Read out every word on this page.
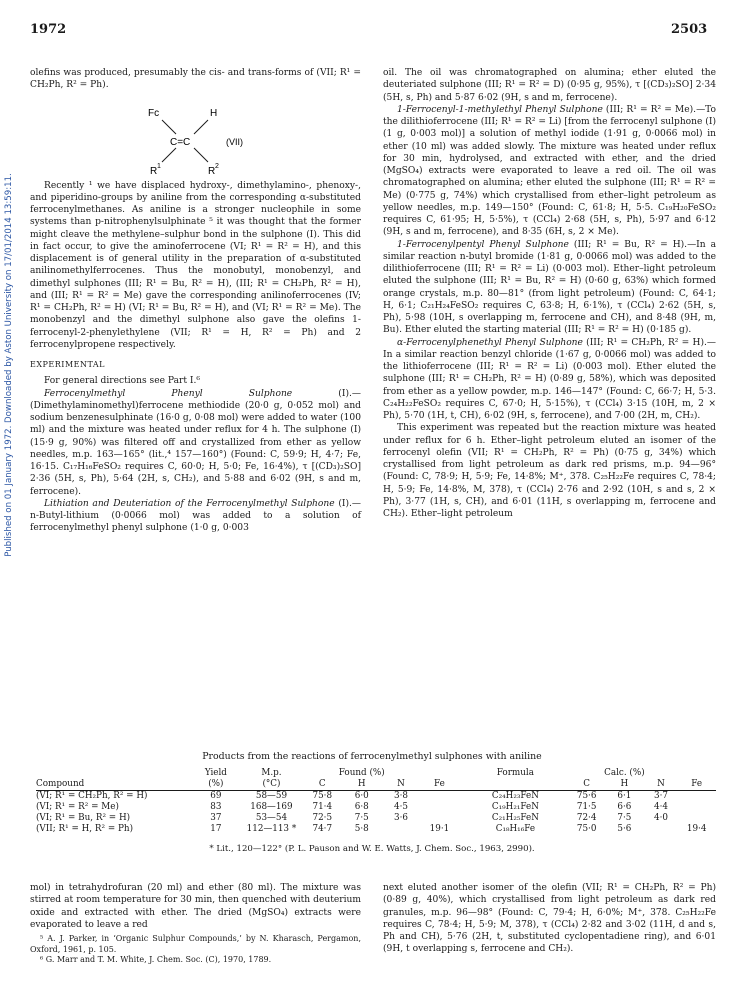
Published on 01 January 1972. Downloaded by Aston University on 17/01/2014 13:59:11.
1972	2503

olefins was produced, presumably the cis- and trans-forms of (VII; R¹ = CH₂Ph, R² = Ph).

Fc	H
C=C	(VII)
R 1	R 2

Recently ¹ we have displaced hydroxy-, dimethylamino-, phenoxy-, and piperidino-groups by aniline from the corresponding α-substituted ferrocenylmethanes. As aniline is a stronger nucleophile in some systems than p-nitrophenylsulphinate ⁵ it was thought that the former might cleave the methylene–sulphur bond in the sulphone (I). This did in fact occur, to give the aminoferrocene (VI; R¹ = R² = H), and this displacement is of general utility in the preparation of α-substituted anilinomethylferrocenes. Thus the monobutyl, monobenzyl, and dimethyl sulphones (III; R¹ = Bu, R² = H), (III; R¹ = CH₂Ph, R² = H), and (III; R¹ = R² = Me) gave the corresponding anilinoferrocenes (IV; R¹ = CH₂Ph, R² = H) (VI; R¹ = Bu, R² = H), and (VI; R¹ = R² = Me). The monobenzyl and the dimethyl sulphone also gave the olefins 1-ferrocenyl-2-phenylethylene (VII; R¹ = H, R² = Ph) and 2 ferrocenylpropene respectively.

EXPERIMENTAL

For general directions see Part I.⁶

Ferrocenylmethyl Phenyl Sulphone (I).—(Dimethylaminomethyl)ferrocene methiodide (20·0 g, 0·052 mol) and sodium benzenesulphinate (16·0 g, 0·08 mol) were added to water (100 ml) and the mixture was heated under reflux for 4 h. The sulphone (I) (15·9 g, 90%) was filtered off and crystallized from ether as yellow needles, m.p. 163—165° (lit.,⁴ 157—160°) (Found: C, 59·9; H, 4·7; Fe, 16·15. C₁₇H₁₆FeSO₂ requires C, 60·0; H, 5·0; Fe, 16·4%), τ [(CD₃)₂SO] 2·36 (5H, s, Ph), 5·64 (2H, s, CH₂), and 5·88 and 6·02 (9H, s and m, ferrocene).

Lithiation and Deuteriation of the Ferrocenylmethyl Sulphone (I).—n-Butyl-lithium (0·0066 mol) was added to a solution of ferrocenylmethyl phenyl sulphone (1·0 g, 0·003

oil. The oil was chromatographed on alumina; ether eluted the deuteriated sulphone (III; R¹ = R² = D) (0·95 g, 95%), τ [(CD₃)₂SO] 2·34 (5H, s, Ph) and 5·87 6·02 (9H, s and m, ferrocene).

1-Ferrocenyl-1-methylethyl Phenyl Sulphone (III; R¹ = R² = Me).—To the dilithioferrocene (III; R¹ = R² = Li) [from the ferrocenyl sulphone (I) (1 g, 0·003 mol)] a solution of methyl iodide (1·91 g, 0·0066 mol) in ether (10 ml) was added slowly. The mixture was heated under reflux for 30 min, hydrolysed, and extracted with ether, and the dried (MgSO₄) extracts were evaporated to leave a red oil. The oil was chromatographed on alumina; ether eluted the sulphone (III; R¹ = R² = Me) (0·775 g, 74%) which crystallised from ether–light petroleum as yellow needles, m.p. 149—150° (Found: C, 61·8; H, 5·5. C₁₉H₂₀FeSO₂ requires C, 61·95; H, 5·5%), τ (CCl₄) 2·68 (5H, s, Ph), 5·97 and 6·12 (9H, s and m, ferrocene), and 8·35 (6H, s, 2 × Me).

1-Ferrocenylpentyl Phenyl Sulphone (III; R¹ = Bu, R² = H).—In a similar reaction n-butyl bromide (1·81 g, 0·0066 mol) was added to the dilithioferrocene (III; R¹ = R² = Li) (0·003 mol). Ether–light petroleum eluted the sulphone (III; R¹ = Bu, R² = H) (0·60 g, 63%) which formed orange crystals, m.p. 80—81° (from light petroleum) (Found: C, 64·1; H, 6·1; C₂₁H₂₄FeSO₂ requires C, 63·8; H, 6·1%), τ (CCl₄) 2·62 (5H, s, Ph), 5·98 (10H, s overlapping m, ferrocene and CH), and 8·48 (9H, m, Bu). Ether eluted the starting material (III; R¹ = R² = H) (0·185 g).

α-Ferrocenylphenethyl Phenyl Sulphone (III; R¹ = CH₂Ph, R² = H).—In a similar reaction benzyl chloride (1·67 g, 0·0066 mol) was added to the lithioferrocene (III; R¹ = R² = Li) (0·003 mol). Ether eluted the sulphone (III; R¹ = CH₂Ph, R² = H) (0·89 g, 58%), which was deposited from ether as a yellow powder, m.p. 146—147° (Found: C, 66·7; H, 5·3. C₂₄H₂₂FeSO₂ requires C, 67·0; H, 5·15%), τ (CCl₄) 3·15 (10H, m, 2 × Ph), 5·70 (1H, t, CH), 6·02 (9H, s, ferrocene), and 7·00 (2H, m, CH₂).

This experiment was repeated but the reaction mixture was heated under reflux for 6 h. Ether–light petroleum eluted an isomer of the ferrocenyl olefin (VII; R¹ = CH₂Ph, R² = Ph) (0·75 g, 34%) which crystallised from light petroleum as dark red prisms, m.p. 94—96° (Found: C, 78·9; H, 5·9; Fe, 14·8%; M⁺, 378. C₂₅H₂₂Fe requires C, 78·4; H, 5·9; Fe, 14·8%, M, 378), τ (CCl₄) 2·76 and 2·92 (10H, s and s, 2 × Ph), 3·77 (1H, s, CH), and 6·01 (11H, s overlapping m, ferrocene and CH₂). Ether–light petroleum

Products from the reactions of ferrocenylmethyl sulphones with aniline
	Yield	M.p.		Found (%)			Formula		Calc. (%)		
Compound	(%)	(°C)	C	H	N	Fe		C	H	N	Fe
(VI; R¹ = CH₂Ph, R² = H)	69	58—59	75·8	6·0	3·8		C₂₄H₂₃FeN	75·6	6·1	3·7	
(VI; R¹ = R² = Me)	83	168—169	71·4	6·8	4·5		C₁₉H₂₁FeN	71·5	6·6	4·4	
(VI; R¹ = Bu, R² = H)	37	53—54	72·5	7·5	3·6		C₂₁H₂₅FeN	72·4	7·5	4·0	
(VII; R¹ = H, R² = Ph)	17	112—113 *	74·7	5·8		19·1	C₁₈H₁₆Fe	75·0	5·6		19·4
* Lit., 120—122° (P. L. Pauson and W. E. Watts, J. Chem. Soc., 1963, 2990).

mol) in tetrahydrofuran (20 ml) and ether (80 ml). The mixture was stirred at room temperature for 30 min, then quenched with deuterium oxide and extracted with ether. The dried (MgSO₄) extracts were evaporated to leave a red

next eluted another isomer of the olefin (VII; R¹ = CH₂Ph, R² = Ph) (0·89 g, 40%), which crystallised from light petroleum as dark red granules, m.p. 96—98° (Found: C, 79·4; H, 6·0%; M⁺, 378. C₂₅H₂₂Fe requires C, 78·4; H, 5·9; M, 378), τ (CCl₄) 2·82 and 3·02 (11H, d and s, Ph and CH), 5·76 (2H, t, substituted cyclopentadiene ring), and 6·01 (9H, t overlapping s, ferrocene and CH₂).

⁵ A. J. Parker, in ‘Organic Sulphur Compounds,’ by N. Kharasch, Pergamon, Oxford, 1961, p. 105.

⁶ G. Marr and T. M. White, J. Chem. Soc. (C), 1970, 1789.
